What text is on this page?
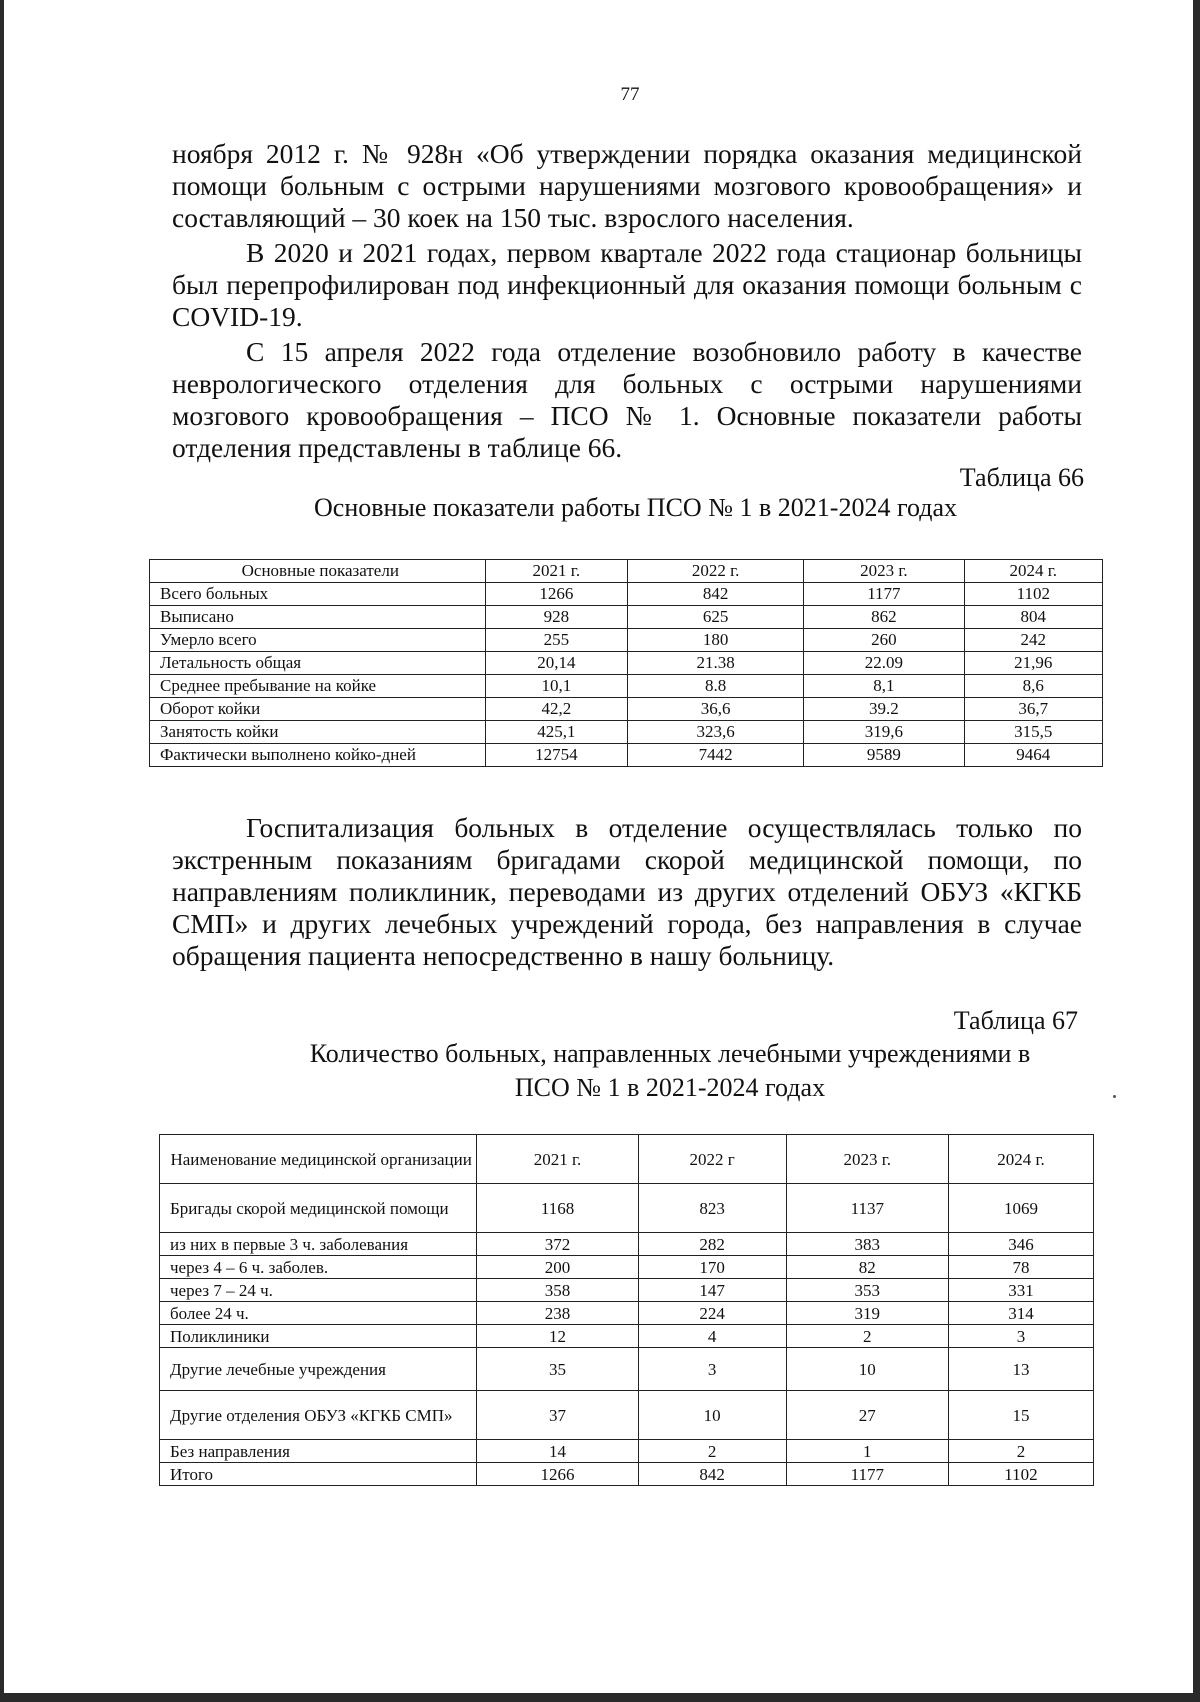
77

ноября 2012 г. № 928н «Об утверждении порядка оказания медицинской помощи больным с острыми нарушениями мозгового кровообращения» и составляющий – 30 коек на 150 тыс. взрослого населения.

В 2020 и 2021 годах, первом квартале 2022 года стационар больницы был перепрофилирован под инфекционный для оказания помощи больным с COVID-19.

С 15 апреля 2022 года отделение возобновило работу в качестве неврологического отделения для больных с острыми нарушениями мозгового кровообращения – ПСО № 1. Основные показатели работы отделения представлены в таблице 66.

Таблица 66
Основные показатели работы ПСО № 1 в 2021-2024 годах
Основные показатели	2021 г.	2022 г.	2023 г.	2024 г.
Всего больных	1266	842	1177	1102
Выписано	928	625	862	804
Умерло всего	255	180	260	242
Летальность общая	20,14	21.38	22.09	21,96
Среднее пребывание на койке	10,1	8.8	8,1	8,6
Оборот койки	42,2	36,6	39.2	36,7
Занятость койки	425,1	323,6	319,6	315,5
Фактически выполнено койко-дней	12754	7442	9589	9464

Госпитализация больных в отделение осуществлялась только по экстренным показаниям бригадами скорой медицинской помощи, по направлениям поликлиник, переводами из других отделений ОБУЗ «КГКБ СМП» и других лечебных учреждений города, без направления в случае обращения пациента непосредственно в нашу больницу.

Таблица 67
Количество больных, направленных лечебными учреждениями в
ПСО № 1 в 2021-2024 годах
Наименование медицинской организации	2021 г.	2022 г	2023 г.	2024 г.
Бригады скорой медицинской помощи	1168	823	1137	1069
из них в первые 3 ч. заболевания	372	282	383	346
через 4 – 6 ч. заболев.	200	170	82	78
через 7 – 24 ч.	358	147	353	331
более 24 ч.	238	224	319	314
Поликлиники	12	4	2	3
Другие лечебные учреждения	35	3	10	13
Другие отделения ОБУЗ «КГКБ СМП»	37	10	27	15
Без направления	14	2	1	2
Итого	1266	842	1177	1102
